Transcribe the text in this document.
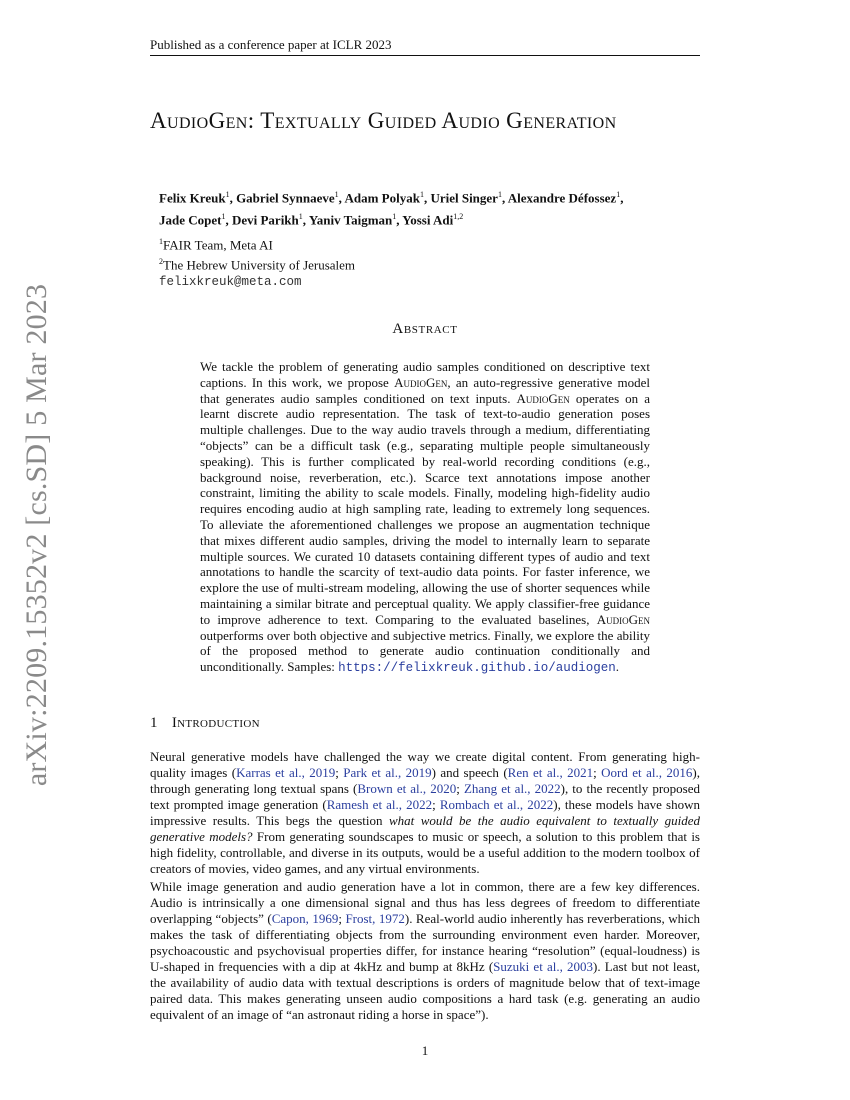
Published as a conference paper at ICLR 2023
arXiv:2209.15352v2 [cs.SD] 5 Mar 2023
AudioGen: Textually Guided Audio Generation
Felix Kreuk$^1$, Gabriel Synnaeve$^1$, Adam Polyak$^1$, Uriel Singer$^1$, Alexandre Défossez$^1$,
Jade Copet$^1$, Devi Parikh$^1$, Yaniv Taigman$^1$, Yossi Adi$^{1,2}$
$^1$FAIR Team, Meta AI
$^2$The Hebrew University of Jerusalem
felixkreuk@meta.com
Abstract
We tackle the problem of generating audio samples conditioned on descriptive text captions. In this work, we propose AudioGen, an auto-regressive generative model that generates audio samples conditioned on text inputs. AudioGen operates on a learnt discrete audio representation. The task of text-to-audio generation poses multiple challenges. Due to the way audio travels through a medium, differentiating “objects” can be a difficult task (e.g., separating multiple people simultaneously speaking). This is further complicated by real-world recording conditions (e.g., background noise, reverberation, etc.). Scarce text annotations impose another constraint, limiting the ability to scale models. Finally, modeling high-fidelity audio requires encoding audio at high sampling rate, leading to extremely long sequences. To alleviate the aforementioned challenges we propose an augmentation technique that mixes different audio samples, driving the model to internally learn to separate multiple sources. We curated 10 datasets containing different types of audio and text annotations to handle the scarcity of text-audio data points. For faster inference, we explore the use of multi-stream modeling, allowing the use of shorter sequences while maintaining a similar bitrate and perceptual quality. We apply classifier-free guidance to improve adherence to text. Comparing to the evaluated baselines, AudioGen outperforms over both objective and subjective metrics. Finally, we explore the ability of the proposed method to generate audio continuation conditionally and unconditionally. Samples: https://felixkreuk.github.io/audiogen.
1 Introduction
Neural generative models have challenged the way we create digital content. From generating high-quality images (Karras et al., 2019; Park et al., 2019) and speech (Ren et al., 2021; Oord et al., 2016), through generating long textual spans (Brown et al., 2020; Zhang et al., 2022), to the recently proposed text prompted image generation (Ramesh et al., 2022; Rombach et al., 2022), these models have shown impressive results. This begs the question what would be the audio equivalent to textually guided generative models? From generating soundscapes to music or speech, a solution to this problem that is high fidelity, controllable, and diverse in its outputs, would be a useful addition to the modern toolbox of creators of movies, video games, and any virtual environments.
While image generation and audio generation have a lot in common, there are a few key differences. Audio is intrinsically a one dimensional signal and thus has less degrees of freedom to differentiate overlapping “objects” (Capon, 1969; Frost, 1972). Real-world audio inherently has reverberations, which makes the task of differentiating objects from the surrounding environment even harder. Moreover, psychoacoustic and psychovisual properties differ, for instance hearing “resolution” (equal-loudness) is U-shaped in frequencies with a dip at 4kHz and bump at 8kHz (Suzuki et al., 2003). Last but not least, the availability of audio data with textual descriptions is orders of magnitude below that of text-image paired data. This makes generating unseen audio compositions a hard task (e.g. generating an audio equivalent of an image of “an astronaut riding a horse in space”).
1
